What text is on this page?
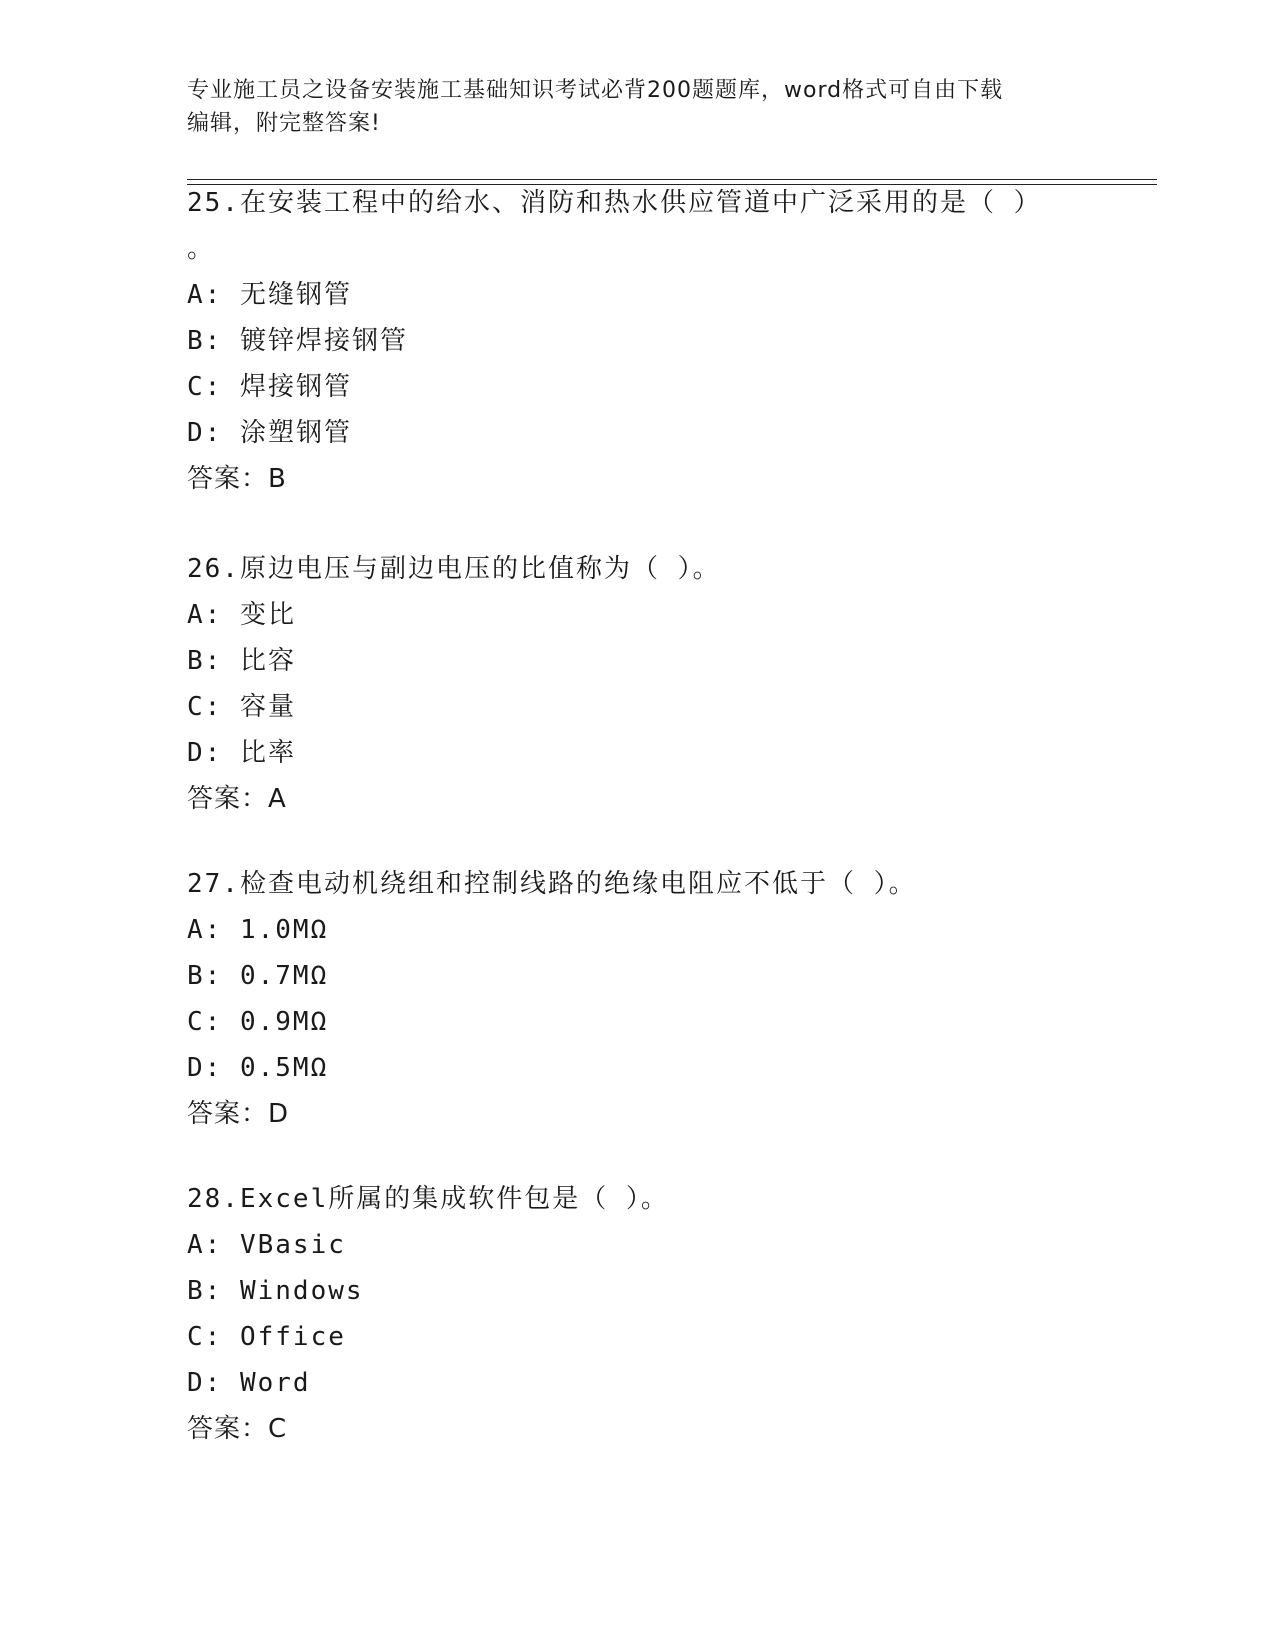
专业施工员之设备安装施工基础知识考试必背200题题库，word格式可自由下载
编辑，附完整答案!
25.在安装工程中的给水、消防和热水供应管道中广泛采用的是（ ）
。
A: 无缝钢管
B: 镀锌焊接钢管
C: 焊接钢管
D: 涂塑钢管
答案：B
26.原边电压与副边电压的比值称为（ ）。
A: 变比
B: 比容
C: 容量
D: 比率
答案：A
27.检查电动机绕组和控制线路的绝缘电阻应不低于（ ）。
A: 1.0MΩ
B: 0.7MΩ
C: 0.9MΩ
D: 0.5MΩ
答案：D
28.Excel所属的集成软件包是（ ）。
A: VBasic
B: Windows
C: Office
D: Word
答案：C
